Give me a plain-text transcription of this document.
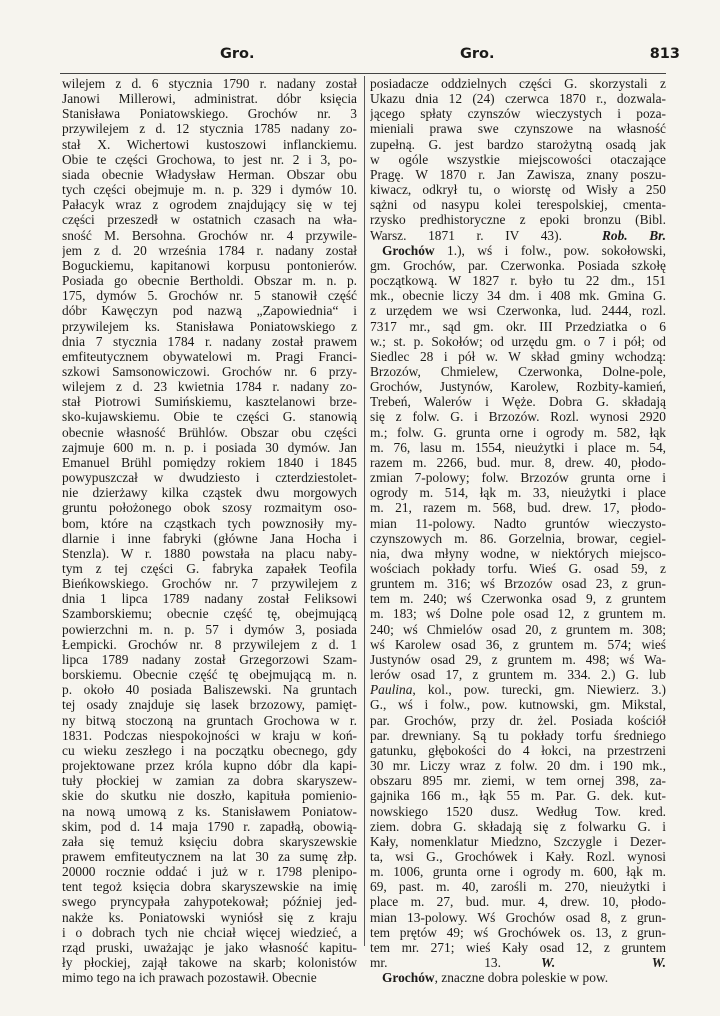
Gro.	Gro.	813
wilejem z d. 6 stycznia 1790 r. nadany został
Janowi Millerowi, administrat. dóbr księcia
Stanisława Poniatowskiego. Grochów nr. 3
przywilejem z d. 12 stycznia 1785 nadany zo-
stał X. Wichertowi kustoszowi inflanckiemu.
Obie te części Grochowa, to jest nr. 2 i 3, po-
siada obecnie Władysław Herman. Obszar obu
tych części obejmuje m. n. p. 329 i dymów 10.
Pałacyk wraz z ogrodem znajdujący się w tej
części przeszedł w ostatnich czasach na wła-
sność M. Bersohna. Grochów nr. 4 przywile-
jem z d. 20 września 1784 r. nadany został
Boguckiemu, kapitanowi korpusu pontonierów.
Posiada go obecnie Bertholdi. Obszar m. n. p.
175, dymów 5. Grochów nr. 5 stanowił część
dóbr Kawęczyn pod nazwą „Zapowiednia“ i
przywilejem ks. Stanisława Poniatowskiego z
dnia 7 stycznia 1784 r. nadany został prawem
emfiteutycznem obywatelowi m. Pragi Franci-
szkowi Samsonowiczowi. Grochów nr. 6 przy-
wilejem z d. 23 kwietnia 1784 r. nadany zo-
stał Piotrowi Sumińskiemu, kasztelanowi brze-
sko-kujawskiemu. Obie te części G. stanowią
obecnie własność Brühlów. Obszar obu części
zajmuje 600 m. n. p. i posiada 30 dymów. Jan
Emanuel Brühl pomiędzy rokiem 1840 i 1845
powypuszczał w dwudziesto i czterdziestolet-
nie dzierżawy kilka cząstek dwu morgowych
gruntu położonego obok szosy rozmaitym oso-
bom, które na cząstkach tych powznosiły my-
dlarnie i inne fabryki (główne Jana Hocha i
Stenzla). W r. 1880 powstała na placu naby-
tym z tej części G. fabryka zapałek Teofila
Bieńkowskiego. Grochów nr. 7 przywilejem z
dnia 1 lipca 1789 nadany został Feliksowi
Szamborskiemu; obecnie część tę, obejmującą
powierzchni m. n. p. 57 i dymów 3, posiada
Łempicki. Grochów nr. 8 przywilejem z d. 1
lipca 1789 nadany został Grzegorzowi Szam-
borskiemu. Obecnie część tę obejmującą m. n.
p. około 40 posiada Baliszewski. Na gruntach
tej osady znajduje się lasek brzozowy, pamięt-
ny bitwą stoczoną na gruntach Grochowa w r.
1831. Podczas niespokojności w kraju w koń-
cu wieku zeszłego i na początku obecnego, gdy
projektowane przez króla kupno dóbr dla kapi-
tuły płockiej w zamian za dobra skaryszew-
skie do skutku nie doszło, kapituła pomienio-
na nową umową z ks. Stanisławem Poniatow-
skim, pod d. 14 maja 1790 r. zapadłą, obowią-
zała się temuż księciu dobra skaryszewskie
prawem emfiteutycznem na lat 30 za sumę złp.
20000 rocznie oddać i już w r. 1798 plenipo-
tent tegoż księcia dobra skaryszewskie na imię
swego pryncypała zahypotekował; później jed-
nakże ks. Poniatowski wyniósł się z kraju
i o dobrach tych nie chciał więcej wiedzieć, a
rząd pruski, uważając je jako własność kapitu-
ły płockiej, zajął takowe na skarb; kolonistów
mimo tego na ich prawach pozostawił. Obecnie
posiadacze oddzielnych części G. skorzystali z
Ukazu dnia 12 (24) czerwca 1870 r., dozwala-
jącego spłaty czynszów wieczystych i poza-
mieniali prawa swe czynszowe na własność
zupełną. G. jest bardzo starożytną osadą jak
w ogóle wszystkie miejscowości otaczające
Pragę. W 1870 r. Jan Zawisza, znany poszu-
kiwacz, odkrył tu, o wiorstę od Wisły a 250
sążni od nasypu kolei terespolskiej, cmenta-
rzysko predhistoryczne z epoki bronzu (Bibl.
Warsz. 1871 r. IV 43).	Rob. Br.
Grochów 1.), wś i folw., pow. sokołowski,
gm. Grochów, par. Czerwonka. Posiada szkołę
początkową. W 1827 r. było tu 22 dm., 151
mk., obecnie liczy 34 dm. i 408 mk. Gmina G.
z urzędem we wsi Czerwonka, lud. 2444, rozl.
7317 mr., sąd gm. okr. III Przedziatka o 6
w.; st. p. Sokołów; od urzędu gm. o 7 i pół; od
Siedlec 28 i pół w. W skład gminy wchodzą:
Brzozów, Chmielew, Czerwonka, Dolne-pole,
Grochów, Justynów, Karolew, Rozbity-kamień,
Trebeń, Walerów i Węże. Dobra G. składają
się z folw. G. i Brzozów. Rozl. wynosi 2920
m.; folw. G. grunta orne i ogrody m. 582, łąk
m. 76, lasu m. 1554, nieużytki i place m. 54,
razem m. 2266, bud. mur. 8, drew. 40, płodo-
zmian 7-polowy; folw. Brzozów grunta orne i
ogrody m. 514, łąk m. 33, nieużytki i place
m. 21, razem m. 568, bud. drew. 17, płodo-
mian 11-polowy. Nadto gruntów wieczysto-
czynszowych m. 86. Gorzelnia, browar, cegiel-
nia, dwa młyny wodne, w niektórych miejsco-
wościach pokłady torfu. Wieś G. osad 59, z
gruntem m. 316; wś Brzozów osad 23, z grun-
tem m. 240; wś Czerwonka osad 9, z gruntem
m. 183; wś Dolne pole osad 12, z gruntem m.
240; wś Chmielów osad 20, z gruntem m. 308;
wś Karolew osad 36, z gruntem m. 574; wieś
Justynów osad 29, z gruntem m. 498; wś Wa-
lerów osad 17, z gruntem m. 334. 2.) G. lub
Paulina, kol., pow. turecki, gm. Niewierz. 3.)
G., wś i folw., pow. kutnowski, gm. Mikstal,
par. Grochów, przy dr. żel. Posiada kościół
par. drewniany. Są tu pokłady torfu średniego
gatunku, głębokości do 4 łokci, na przestrzeni
30 mr. Liczy wraz z folw. 20 dm. i 190 mk.,
obszaru 895 mr. ziemi, w tem ornej 398, za-
gajnika 166 m., łąk 55 m. Par. G. dek. kut-
nowskiego 1520 dusz. Według Tow. kred.
ziem. dobra G. składają się z folwarku G. i
Kały, nomenklatur Miedzno, Szczygle i Dezer-
ta, wsi G., Grochówek i Kały. Rozl. wynosi
m. 1006, grunta orne i ogrody m. 600, łąk m.
69, past. m. 40, zarośli m. 270, nieużytki i
place m. 27, bud. mur. 4, drew. 10, płodo-
mian 13-polowy. Wś Grochów osad 8, z grun-
tem prętów 49; wś Grochówek os. 13, z grun-
tem mr. 271; wieś Kały osad 12, z gruntem
mr. 13.	W. W.
Grochów, znaczne dobra poleskie w pow.
